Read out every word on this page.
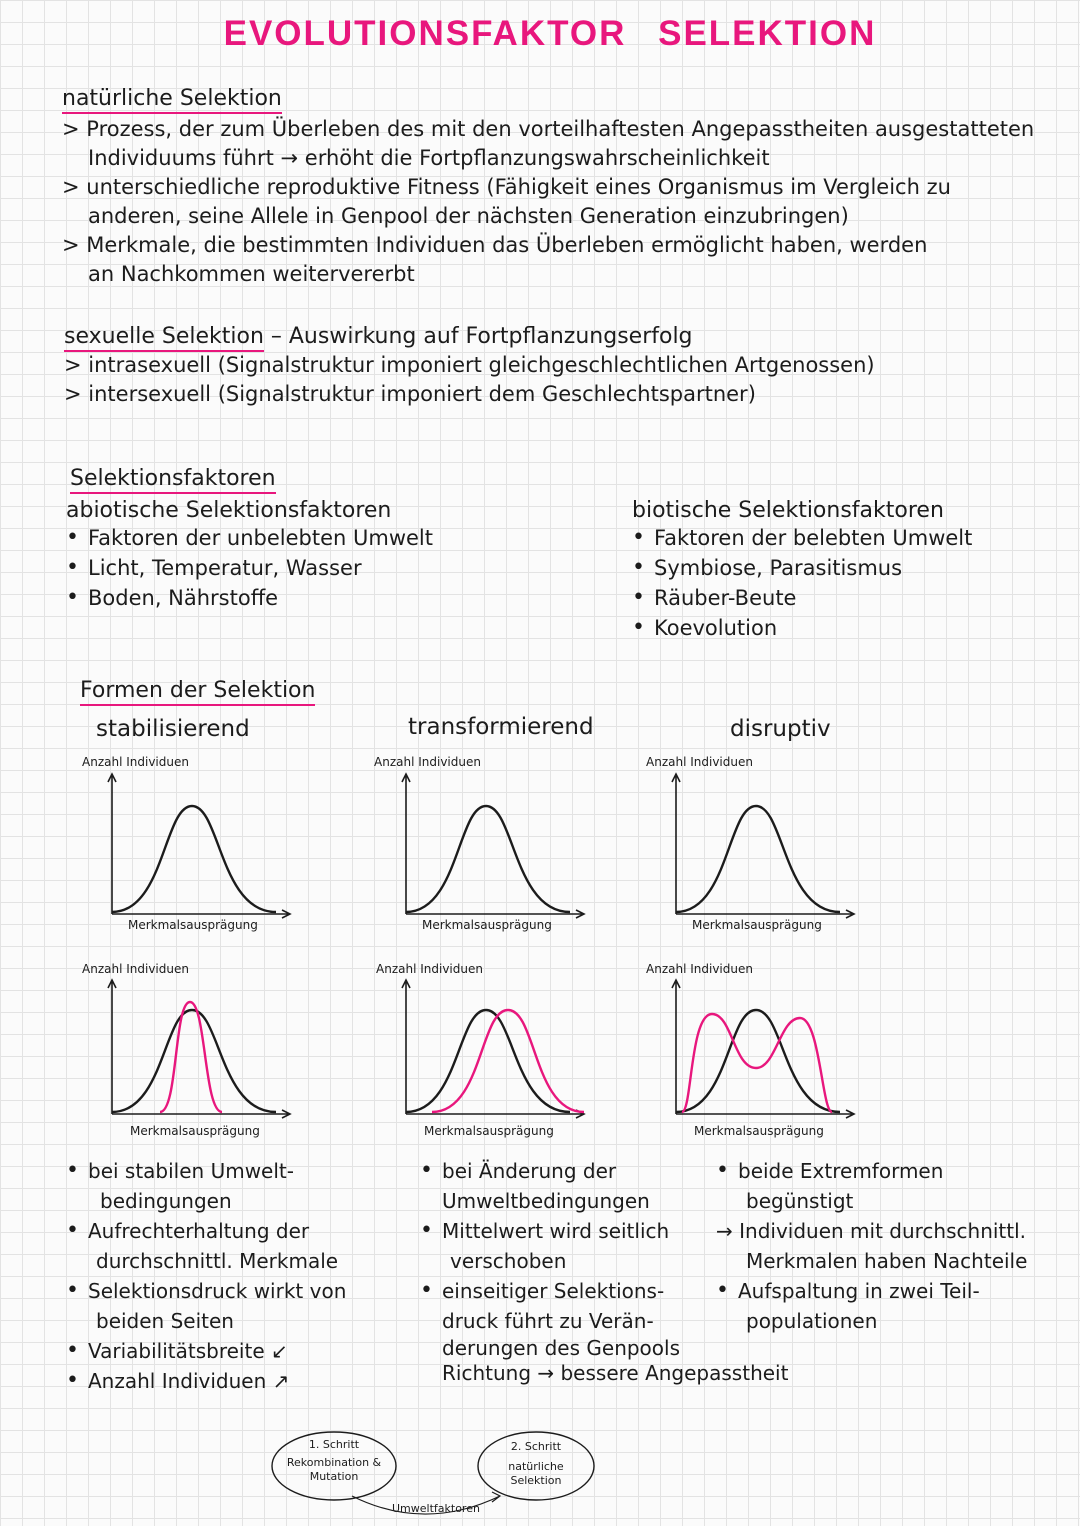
EVOLUTIONSFAKTOR SELEKTION
natürliche Selektion
> Prozess, der zum Überleben des mit den vorteilhaftesten Angepasstheiten ausgestatteten
Individuums führt → erhöht die Fortpflanzungswahrscheinlichkeit
> unterschiedliche reproduktive Fitness (Fähigkeit eines Organismus im Vergleich zu
anderen, seine Allele in Genpool der nächsten Generation einzubringen)
> Merkmale, die bestimmten Individuen das Überleben ermöglicht haben, werden
an Nachkommen weitervererbt
sexuelle Selektion – Auswirkung auf Fortpflanzungserfolg
> intrasexuell (Signalstruktur imponiert gleichgeschlechtlichen Artgenossen)
> intersexuell (Signalstruktur imponiert dem Geschlechtspartner)
Selektionsfaktoren
abiotische Selektionsfaktoren
• Faktoren der unbelebten Umwelt
• Licht, Temperatur, Wasser
• Boden, Nährstoffe
biotische Selektionsfaktoren
• Faktoren der belebten Umwelt
• Symbiose, Parasitismus
• Räuber-Beute
• Koevolution
Formen der Selektion
stabilisierend	transformierend	disruptiv
Anzahl Individuen	Anzahl Individuen	Anzahl Individuen
Merkmalsausprägung	Merkmalsausprägung	Merkmalsausprägung
Anzahl Individuen	Anzahl Individuen	Anzahl Individuen
Merkmalsausprägung	Merkmalsausprägung	Merkmalsausprägung
• bei stabilen Umwelt-
bedingungen
• Aufrechterhaltung der
durchschnittl. Merkmale
• Selektionsdruck wirkt von
beiden Seiten
• Variabilitätsbreite ↙
• Anzahl Individuen ↗
• bei Änderung der
Umweltbedingungen
• Mittelwert wird seitlich
verschoben
• einseitiger Selektions-
druck führt zu Verän-
derungen des Genpools
Richtung → bessere Angepasstheit
• beide Extremformen
begünstigt
→ Individuen mit durchschnittl.
Merkmalen haben Nachteile
• Aufspaltung in zwei Teil-
populationen
1. Schritt
Rekombination & Mutation
2. Schritt
natürliche Selektion
Umweltfaktoren
